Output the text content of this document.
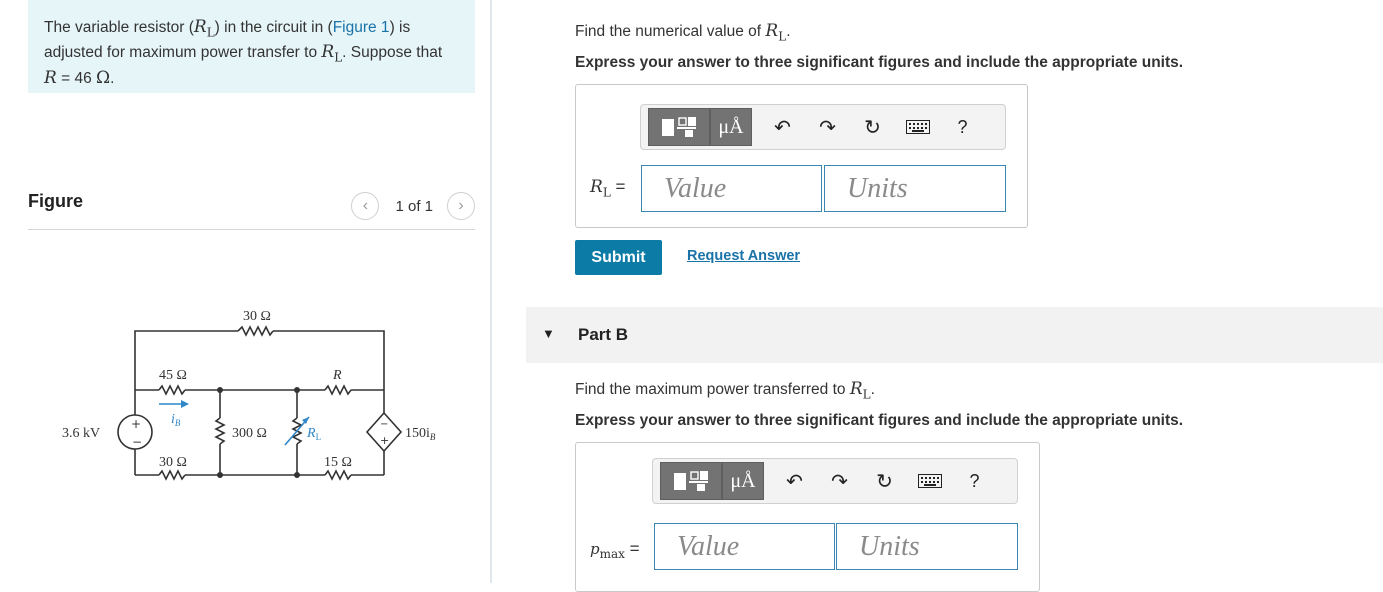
The variable resistor $(R_L)$ in the circuit in (Figure 1) is adjusted for maximum power transfer to $R_L$. Suppose that R = 46 Ω.
Figure	‹	1 of 1	›
+
−
−
+
30 Ω
45 Ω
30 Ω
300 Ω
R
15 Ω
3.6 kV
$i_B$
$R_L$	$150i_B$
Find the numerical value of $R_L$.
Express your answer to three significant figures and include the appropriate units.
μÅ	↶	↷	↻	?
$R_L$ =	Value	Units
Submit	Request Answer
▼ Part B
Find the maximum power transferred to $R_L$.
Express your answer to three significant figures and include the appropriate units.
μÅ	↶	↷	↻	?
$p_{max}$ =	Value	Units
